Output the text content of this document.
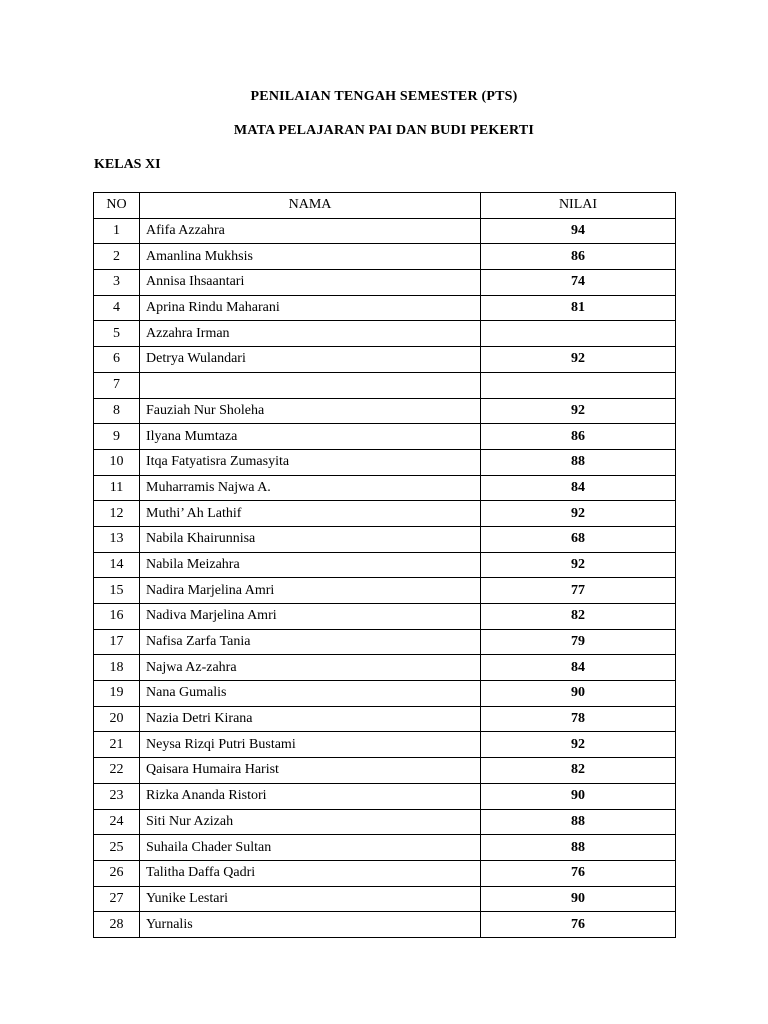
PENILAIAN TENGAH SEMESTER (PTS)
MATA PELAJARAN PAI DAN BUDI PEKERTI
KELAS XI
NO	NAMA	NILAI
1	Afifa Azzahra	94
2	Amanlina Mukhsis	86
3	Annisa Ihsaantari	74
4	Aprina Rindu Maharani	81
5	Azzahra Irman	
6	Detrya Wulandari	92
7		
8	Fauziah Nur Sholeha	92
9	Ilyana Mumtaza	86
10	Itqa Fatyatisra Zumasyita	88
11	Muharramis Najwa A.	84
12	Muthi’ Ah Lathif	92
13	Nabila Khairunnisa	68
14	Nabila Meizahra	92
15	Nadira Marjelina Amri	77
16	Nadiva Marjelina Amri	82
17	Nafisa Zarfa Tania	79
18	Najwa Az-zahra	84
19	Nana Gumalis	90
20	Nazia Detri Kirana	78
21	Neysa Rizqi Putri Bustami	92
22	Qaisara Humaira Harist	82
23	Rizka Ananda Ristori	90
24	Siti Nur Azizah	88
25	Suhaila Chader Sultan	88
26	Talitha Daffa Qadri	76
27	Yunike Lestari	90
28	Yurnalis	76
